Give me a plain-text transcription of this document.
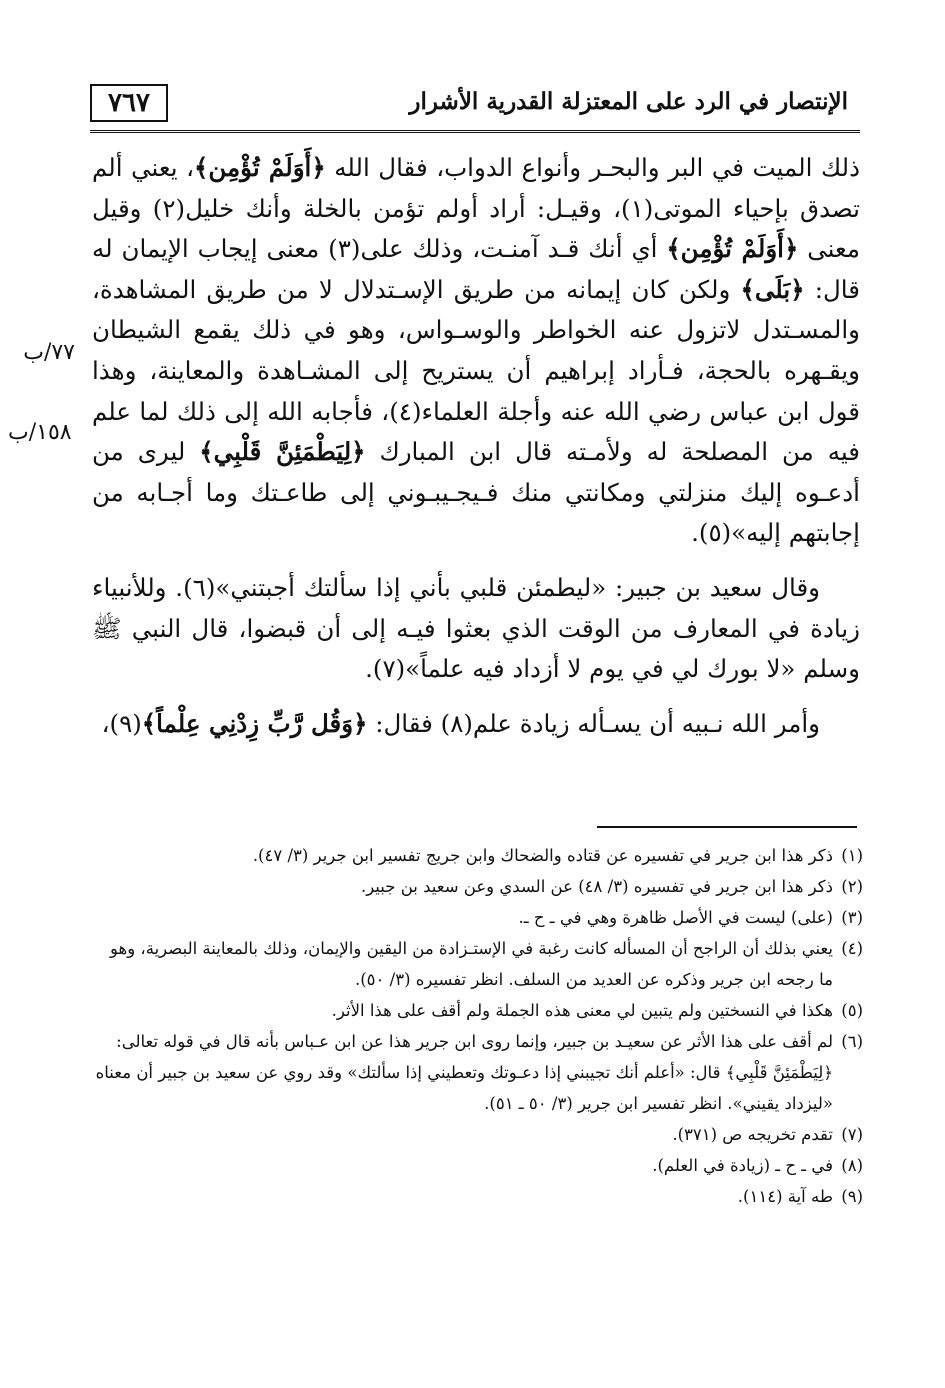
٧٦٧	الإنتصار في الرد على المعتزلة القدرية الأشرار
٧٧/ب
١٥٨/ب

ذلك الميت في البر والبحـر وأنواع الدواب، فقال الله ﴿أَوَلَمْ تُؤْمِن﴾، يعني ألم تصدق بإحياء الموتى(١)، وقيـل: أراد أولم تؤمن بالخلة وأنك خليل(٢) وقيل معنى ﴿أَوَلَمْ تُؤْمِن﴾ أي أنك قـد آمنـت، وذلك على(٣) معنى إيجاب الإيمان له قال: ﴿بَلَى﴾ ولكن كان إيمانه من طريق الإسـتدلال لا من طريق المشاهدة، والمسـتدل لاتزول عنه الخواطر والوسـواس، وهو في ذلك يقمع الشيطان ويقـهره بالحجة، فـأراد إبراهيم أن يستريح إلى المشـاهدة والمعاينة، وهذا قول ابن عباس رضي الله عنه وأجلة العلماء(٤)، فأجابه الله إلى ذلك لما علم فيه من المصلحة له ولأمـته قال ابن المبارك ﴿لِيَطْمَئِنَّ قَلْبِي﴾ ليرى من أدعـوه إليك منزلتي ومكانتي منك فـيجـيبـوني إلى طاعـتك وما أجـابه من إجابتهم إليه»(٥).

وقال سعيد بن جبير: «ليطمئن قلبي بأني إذا سألتك أجبتني»(٦). وللأنبياء زيادة في المعارف من الوقت الذي بعثوا فيـه إلى أن قبضوا، قال النبي ﷺ وسلم «لا بورك لي في يوم لا أزداد فيه علماً»(٧).

وأمر الله نـبيه أن يسـأله زيادة علم(٨) فقال: ﴿وَقُل رَّبِّ زِدْنِي عِلْماً﴾(٩)،

(١)
ذكر هذا ابن جرير في تفسيره عن قتاده والضحاك وابن جريج تفسير ابن جرير (٣/ ٤٧).
(٢)
ذكر هذا ابن جرير في تفسيره (٣/ ٤٨) عن السدي وعن سعيد بن جبير.
(٣)
(على) ليست في الأصل ظاهرة وهي في ـ ح ـ.
(٤)
يعني بذلك أن الراجح أن المسأله كانت رغبة في الإستـزادة من اليقين والإيمان، وذلك بالمعاينة البصرية، وهو ما رجحه ابن جرير وذكره عن العديد من السلف. انظر تفسيره (٣/ ٥٠).
(٥)
هكذا في النسختين ولم يتبين لي معنى هذه الجملة ولم أقف على هذا الأثر.
(٦)
لم أقف على هذا الأثر عن سعيـد بن جبير، وإنما روى ابن جرير هذا عن ابن عـباس بأنه قال في قوله تعالى: ﴿لِيَطْمَئِنَّ قَلْبِي﴾ قال: «أعلم أنك تجيبني إذا دعـوتك وتعطيني إذا سألتك» وقد روي عن سعيد بن جبير أن معناه «ليزداد يقيني». انظر تفسير ابن جرير (٣/ ٥٠ ـ ٥١).
(٧)
تقدم تخريجه ص (٣٧١).
(٨)
في ـ ح ـ (زيادة في العلم).
(٩)
طه آية (١١٤).
